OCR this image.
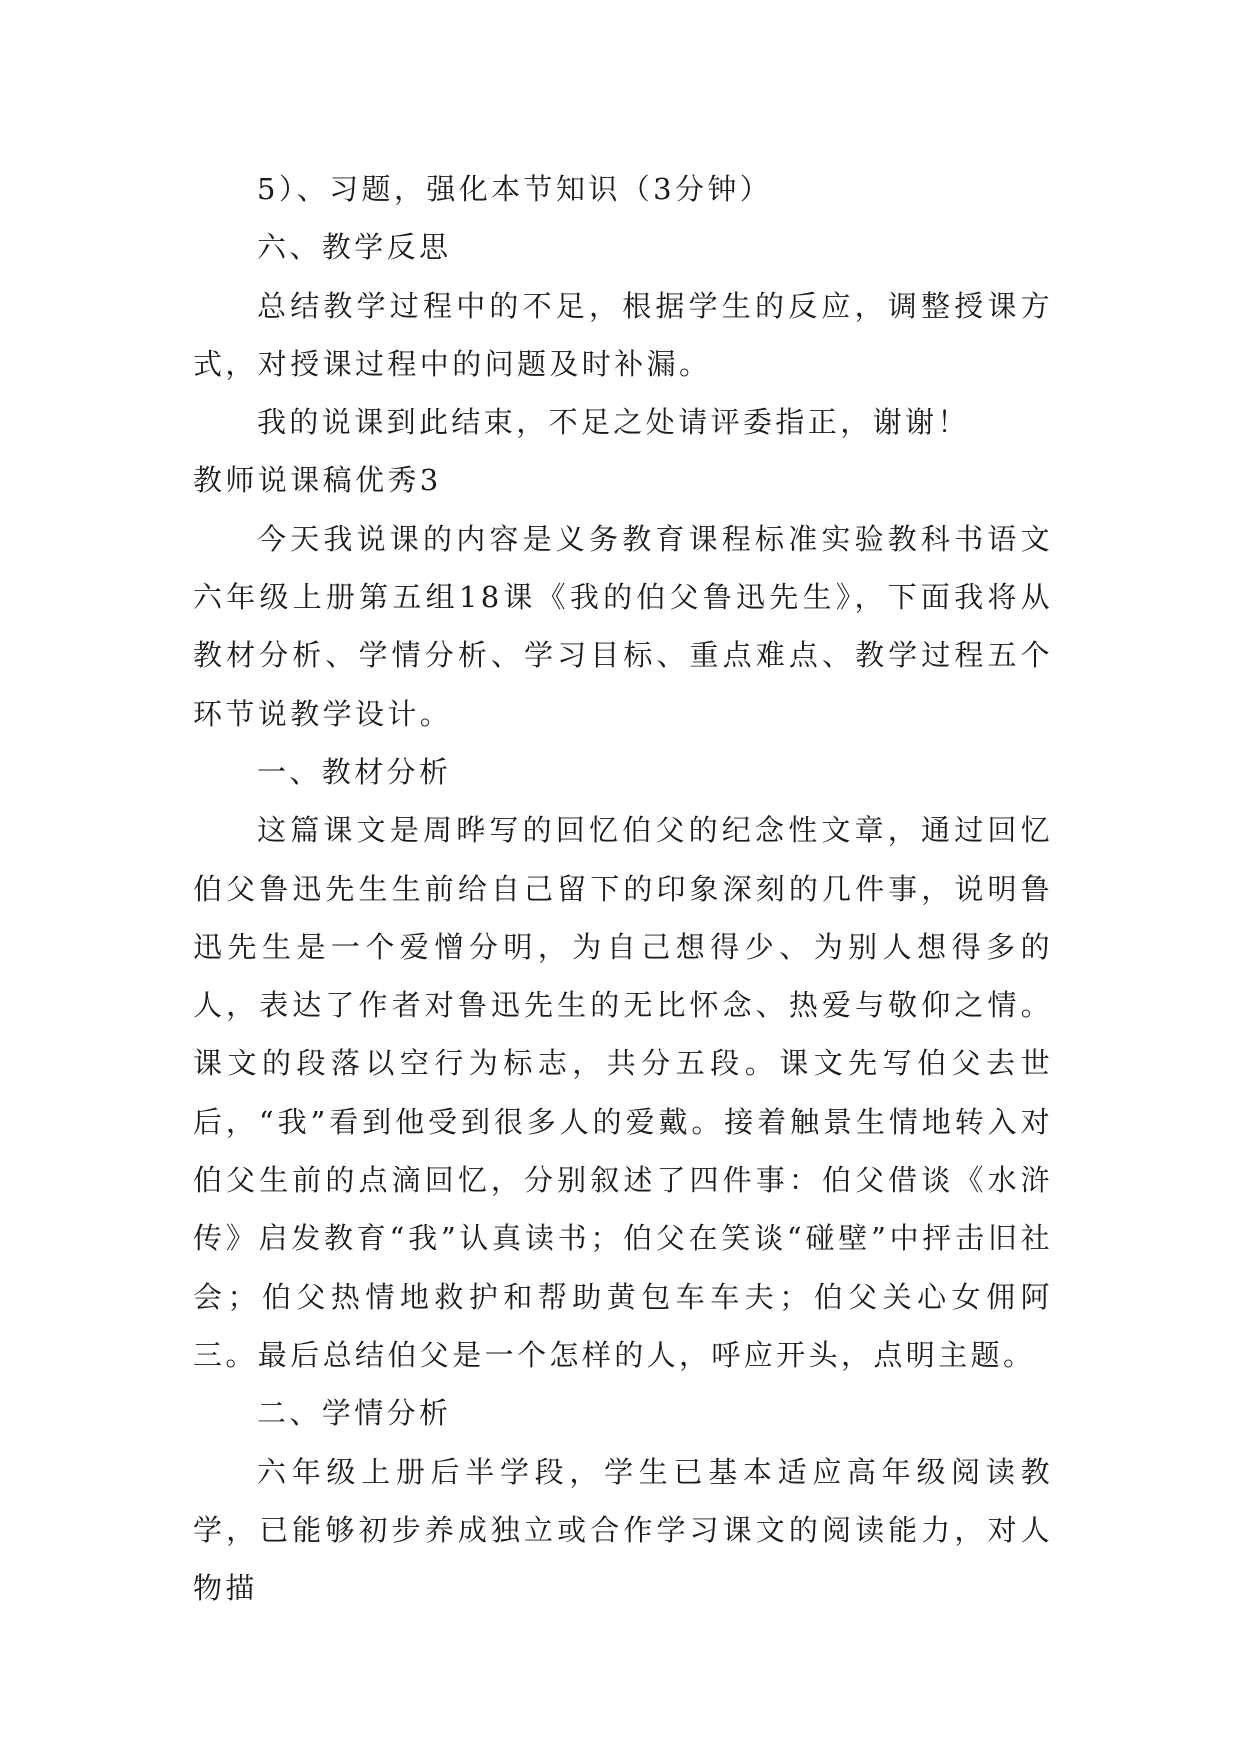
5）、习题，强化本节知识（3分钟）

六、教学反思

总结教学过程中的不足，根据学生的反应，调整授课方式，对授课过程中的问题及时补漏。

我的说课到此结束，不足之处请评委指正，谢谢！

教师说课稿优秀3

今天我说课的内容是义务教育课程标准实验教科书语文六年级上册第五组18课《我的伯父鲁迅先生》，下面我将从教材分析、学情分析、学习目标、重点难点、教学过程五个环节说教学设计。

一、教材分析

这篇课文是周晔写的回忆伯父的纪念性文章，通过回忆伯父鲁迅先生生前给自己留下的印象深刻的几件事，说明鲁迅先生是一个爱憎分明，为自己想得少、为别人想得多的人，表达了作者对鲁迅先生的无比怀念、热爱与敬仰之情。课文的段落以空行为标志，共分五段。课文先写伯父去世后，“我”看到他受到很多人的爱戴。接着触景生情地转入对伯父生前的点滴回忆，分别叙述了四件事：伯父借谈《水浒传》启发教育“我”认真读书；伯父在笑谈“碰壁”中抨击旧社会；伯父热情地救护和帮助黄包车车夫；伯父关心女佣阿三。最后总结伯父是一个怎样的人，呼应开头，点明主题。

二、学情分析

六年级上册后半学段，学生已基本适应高年级阅读教学，已能够初步养成独立或合作学习课文的阅读能力，对人物描
